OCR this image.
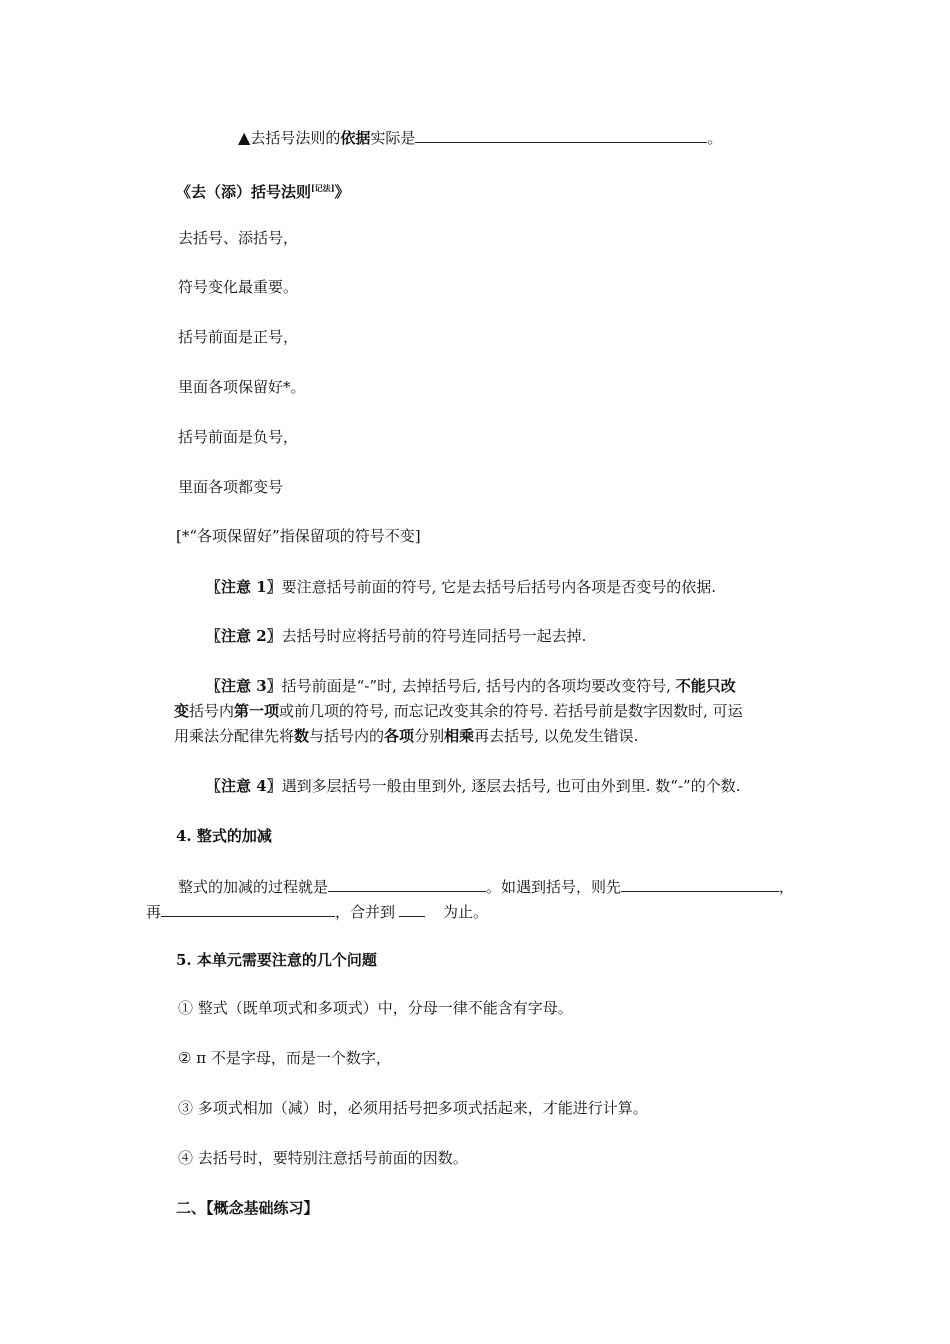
▲去括号法则的依据实际是	。
《去（添）括号法则[记法]》
去括号、添括号，
符号变化最重要。
括号前面是正号，
里面各项保留好*。
括号前面是负号，
里面各项都变号
[*“各项保留好”指保留项的符号不变]
〖注意 1〗要注意括号前面的符号, 它是去括号后括号内各项是否变号的依据.
〖注意 2〗去括号时应将括号前的符号连同括号一起去掉.
〖注意 3〗括号前面是“-”时, 去掉括号后, 括号内的各项均要改变符号, 不能只改
变括号内第一项或前几项的符号, 而忘记改变其余的符号. 若括号前是数字因数时, 可运
用乘法分配律先将数与括号内的各项分别相乘再去括号, 以免发生错误.
〖注意 4〗遇到多层括号一般由里到外, 逐层去括号, 也可由外到里. 数“-”的个数.
4. 整式的加减
整式的加减的过程就是	。如遇到括号，则先	，
再	，合并到	为止。
5. 本单元需要注意的几个问题
① 整式（既单项式和多项式）中，分母一律不能含有字母。
② π 不是字母，而是一个数字，
③ 多项式相加（减）时，必须用括号把多项式括起来，才能进行计算。
④ 去括号时，要特别注意括号前面的因数。
二、【概念基础练习】
